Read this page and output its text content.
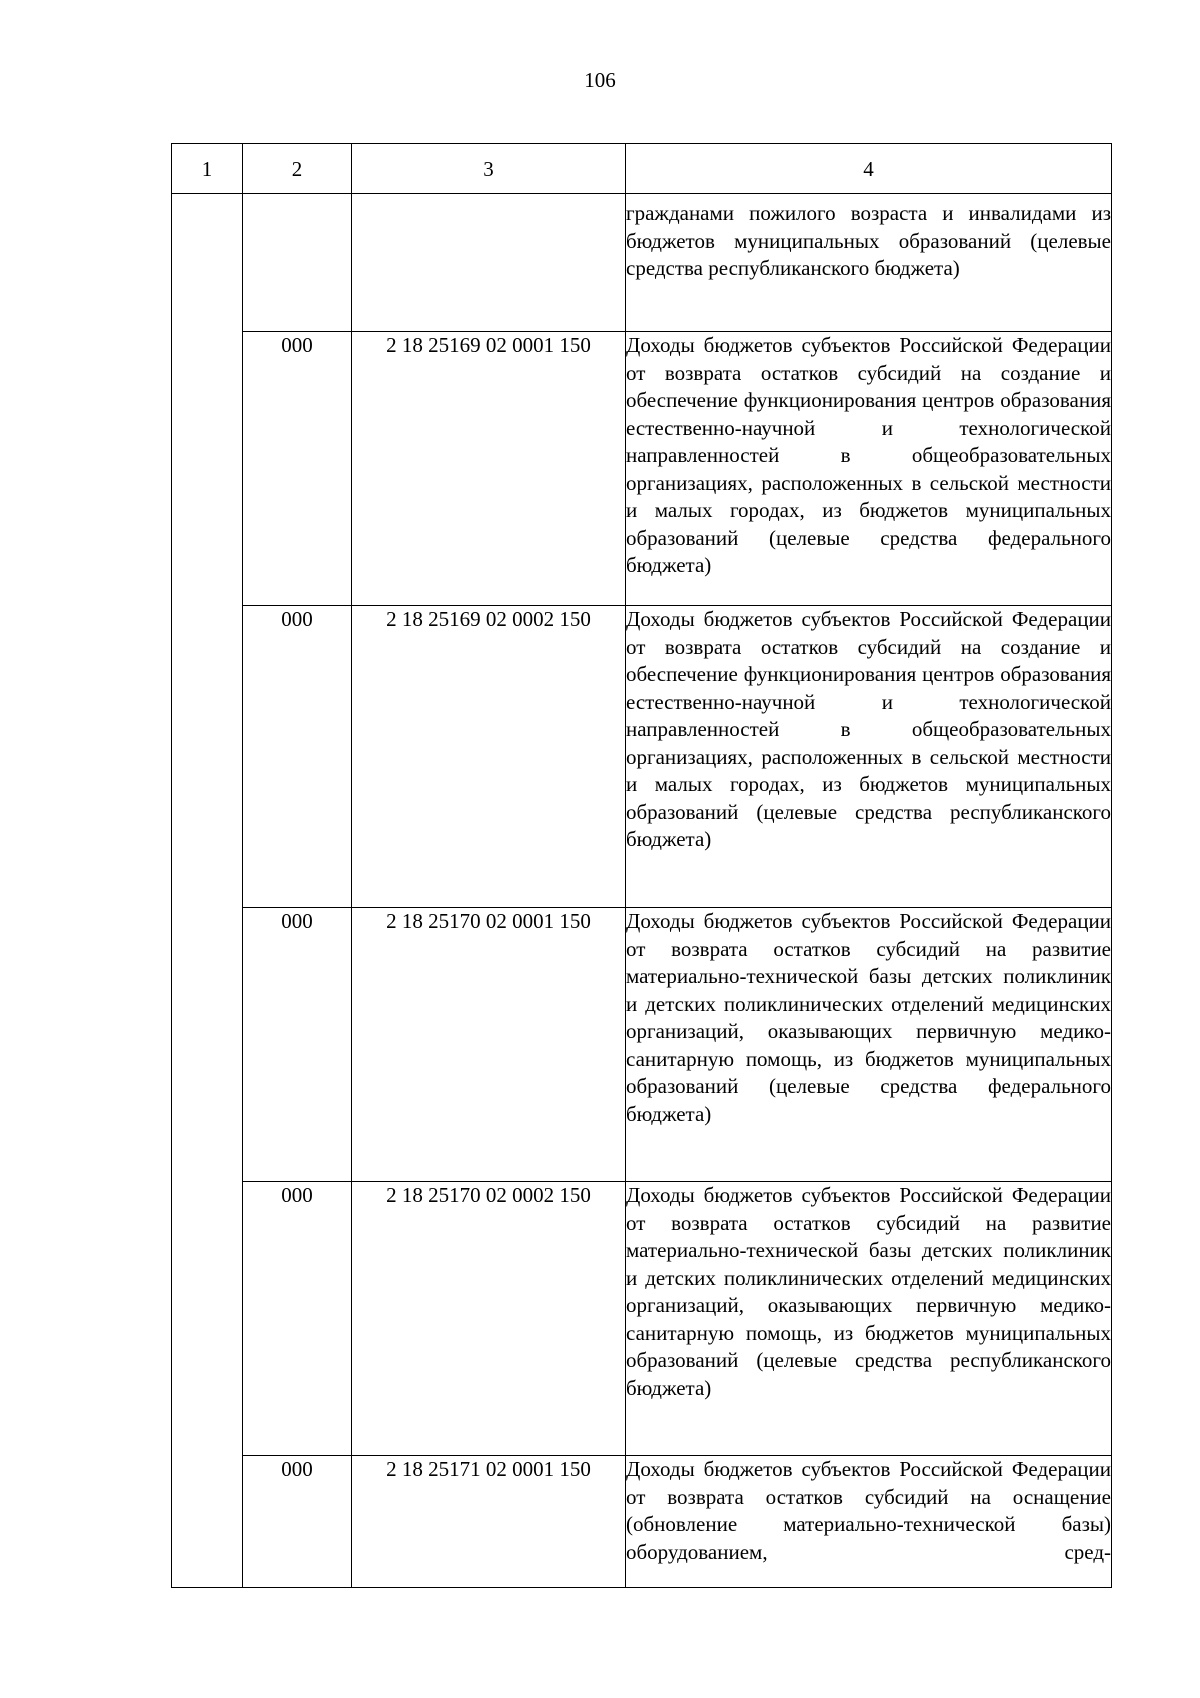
106
1	2	3	4
			гражданами пожилого возраста и инвалидами из бюджетов муниципальных образований (целевые средства республиканского бюджета)
	000	2 18 25169 02 0001 150	Доходы бюджетов субъектов Российской Федерации от возврата остатков субсидий на создание и обеспечение функционирования центров образования естественно-научной и технологической направленностей в общеобразовательных организациях, расположенных в сельской местности и малых городах, из бюджетов муниципальных образований (целевые средства федерального бюджета)
	000	2 18 25169 02 0002 150	Доходы бюджетов субъектов Российской Федерации от возврата остатков субсидий на создание и обеспечение функционирования центров образования естественно-научной и технологической направленностей в общеобразовательных организациях, расположенных в сельской местности и малых городах, из бюджетов муниципальных образований (целевые средства республиканского бюджета)
	000	2 18 25170 02 0001 150	Доходы бюджетов субъектов Российской Федерации от возврата остатков субсидий на развитие материально-технической базы детских поликлиник и детских поликлинических отделений медицинских организаций, оказывающих первичную медико-санитарную помощь, из бюджетов муниципальных образований (целевые средства федерального бюджета)
	000	2 18 25170 02 0002 150	Доходы бюджетов субъектов Российской Федерации от возврата остатков субсидий на развитие материально-технической базы детских поликлиник и детских поликлинических отделений медицинских организаций, оказывающих первичную медико-санитарную помощь, из бюджетов муниципальных образований (целевые средства республиканского бюджета)
	000	2 18 25171 02 0001 150	Доходы бюджетов субъектов Российской Федерации от возврата остатков субсидий на оснащение (обновление материально-технической базы) оборудованием, сред-
